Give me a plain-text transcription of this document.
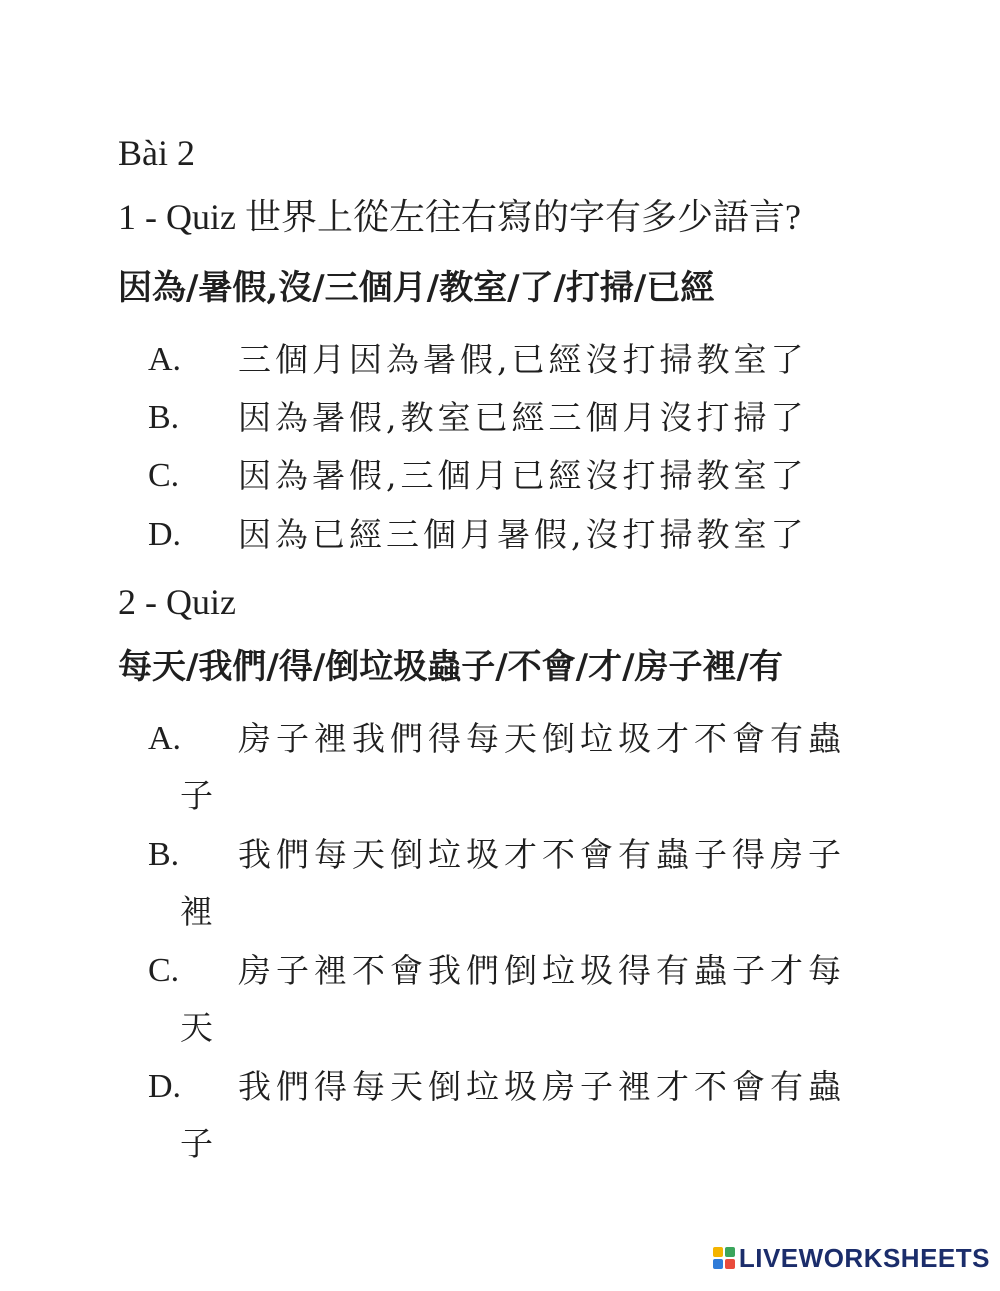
Bài 2
1 - Quiz 世界上從左往右寫的字有多少語言?
因為/暑假,沒/三個月/教室/了/打掃/已經
A. 三個月因為暑假,已經沒打掃教室了
B. 因為暑假,教室已經三個月沒打掃了
C. 因為暑假,三個月已經沒打掃教室了
D. 因為已經三個月暑假,沒打掃教室了
2 - Quiz
每天/我們/得/倒垃圾蟲子/不會/才/房子裡/有
A.	房子裡我們得每天倒垃圾才不會有蟲子
B.	我們每天倒垃圾才不會有蟲子得房子裡
C.	房子裡不會我們倒垃圾得有蟲子才每天
D.	我們得每天倒垃圾房子裡才不會有蟲子
LIVEWORKSHEETS
